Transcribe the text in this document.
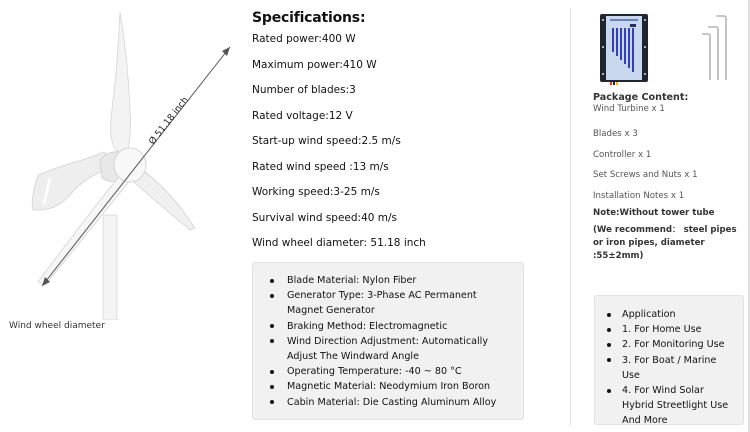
Ø 51.18 inch
Wind wheel diameter
Specifications:
Rated power:400 W
Maximum power:410 W
Number of blades:3
Rated voltage:12 V
Start-up wind speed:2.5 m/s
Rated wind speed :13 m/s
Working speed:3-25 m/s
Survival wind speed:40 m/s
Wind wheel diameter: 51.18 inch
Blade Material: Nylon Fiber
Generator Type: 3-Phase AC Permanent Magnet Generator
Braking Method: Electromagnetic
Wind Direction Adjustment: Automatically Adjust The Windward Angle
Operating Temperature: -40 ~ 80 °C
Magnetic Material: Neodymium Iron Boron
Cabin Material: Die Casting Aluminum Alloy
Package Content:
Wind Turbine x 1
Blades x 3
Controller x 1
Set Screws and Nuts x 1
Installation Notes x 1
Note:Without tower tube
(We recommend： steel pipes or iron pipes, diameter :55±2mm)
Application
1. For Home Use
2. For Monitoring Use
3. For Boat / Marine Use
4. For Wind Solar Hybrid Streetlight Use And More
